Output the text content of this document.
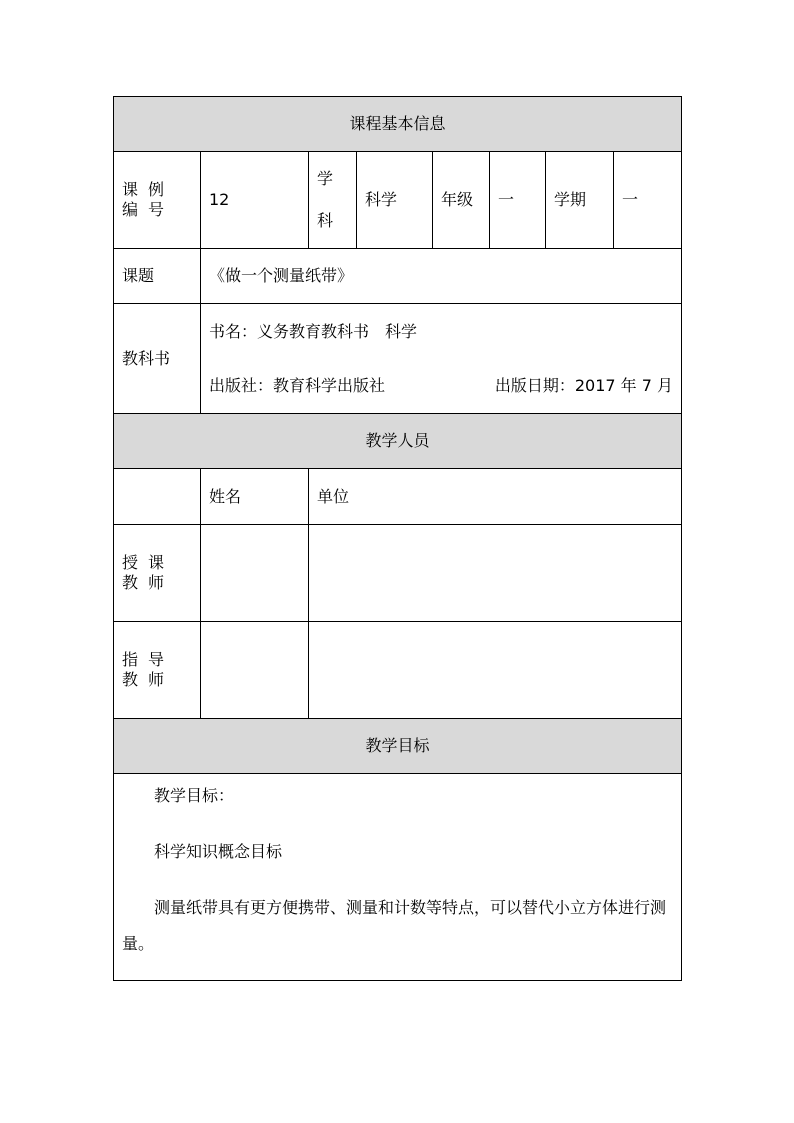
课程基本信息							
课例编号	12	学科	科学	年级	一	学期	一
课题	《做一个测量纸带》						
教科书	书名：义务教育教科书　科学
出版社：教育科学出版社 出版日期：2017 年 7 月						

教学人员							
	姓名	单位					
授课教师							
指导教师							
教学目标							

教学目标：

科学知识概念目标

测量纸带具有更方便携带、测量和计数等特点，可以替代小立方体进行测量。							
